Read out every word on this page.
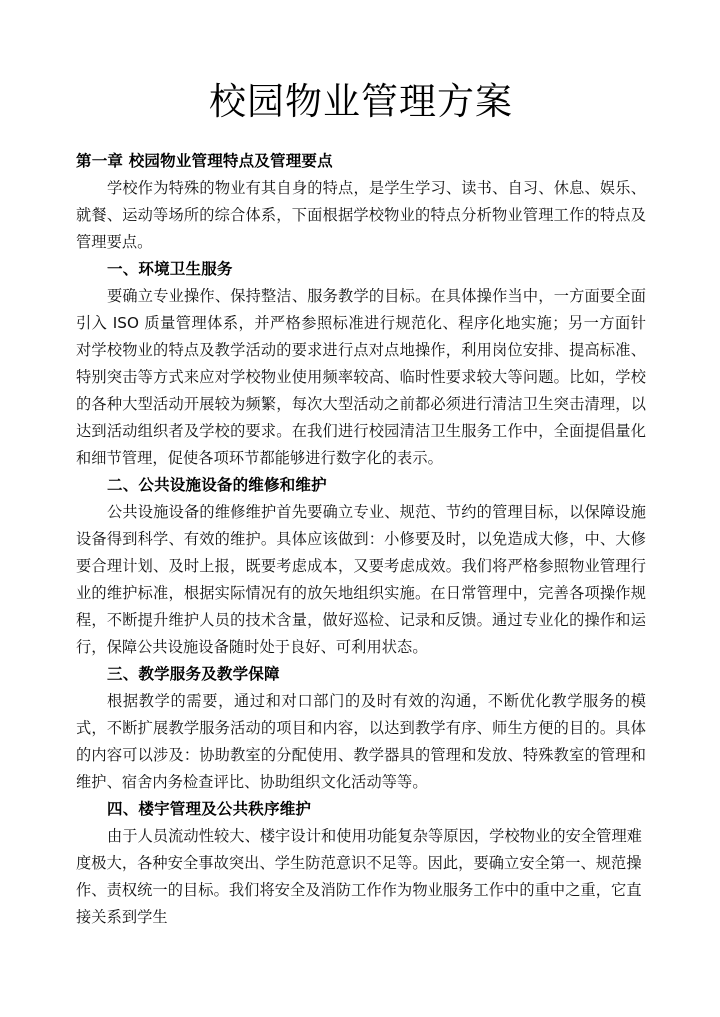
校园物业管理方案
第一章 校园物业管理特点及管理要点

学校作为特殊的物业有其自身的特点，是学生学习、读书、自习、休息、娱乐、就餐、运动等场所的综合体系，下面根据学校物业的特点分析物业管理工作的特点及管理要点。

一、环境卫生服务

要确立专业操作、保持整洁、服务教学的目标。在具体操作当中，一方面要全面引入 ISO 质量管理体系，并严格参照标准进行规范化、程序化地实施；另一方面针对学校物业的特点及教学活动的要求进行点对点地操作，利用岗位安排、提高标准、特别突击等方式来应对学校物业使用频率较高、临时性要求较大等问题。比如，学校的各种大型活动开展较为频繁，每次大型活动之前都必须进行清洁卫生突击清理，以达到活动组织者及学校的要求。在我们进行校园清洁卫生服务工作中，全面提倡量化和细节管理，促使各项环节都能够进行数字化的表示。

二、公共设施设备的维修和维护

公共设施设备的维修维护首先要确立专业、规范、节约的管理目标，以保障设施设备得到科学、有效的维护。具体应该做到：小修要及时，以免造成大修，中、大修要合理计划、及时上报，既要考虑成本，又要考虑成效。我们将严格参照物业管理行业的维护标准，根据实际情况有的放矢地组织实施。在日常管理中，完善各项操作规程，不断提升维护人员的技术含量，做好巡检、记录和反馈。通过专业化的操作和运行，保障公共设施设备随时处于良好、可利用状态。

三、教学服务及教学保障

根据教学的需要，通过和对口部门的及时有效的沟通，不断优化教学服务的模式，不断扩展教学服务活动的项目和内容，以达到教学有序、师生方便的目的。具体的内容可以涉及：协助教室的分配使用、教学器具的管理和发放、特殊教室的管理和维护、宿舍内务检查评比、协助组织文化活动等等。

四、楼宇管理及公共秩序维护

由于人员流动性较大、楼宇设计和使用功能复杂等原因，学校物业的安全管理难度极大，各种安全事故突出、学生防范意识不足等。因此，要确立安全第一、规范操作、责权统一的目标。我们将安全及消防工作作为物业服务工作中的重中之重，它直接关系到学生
